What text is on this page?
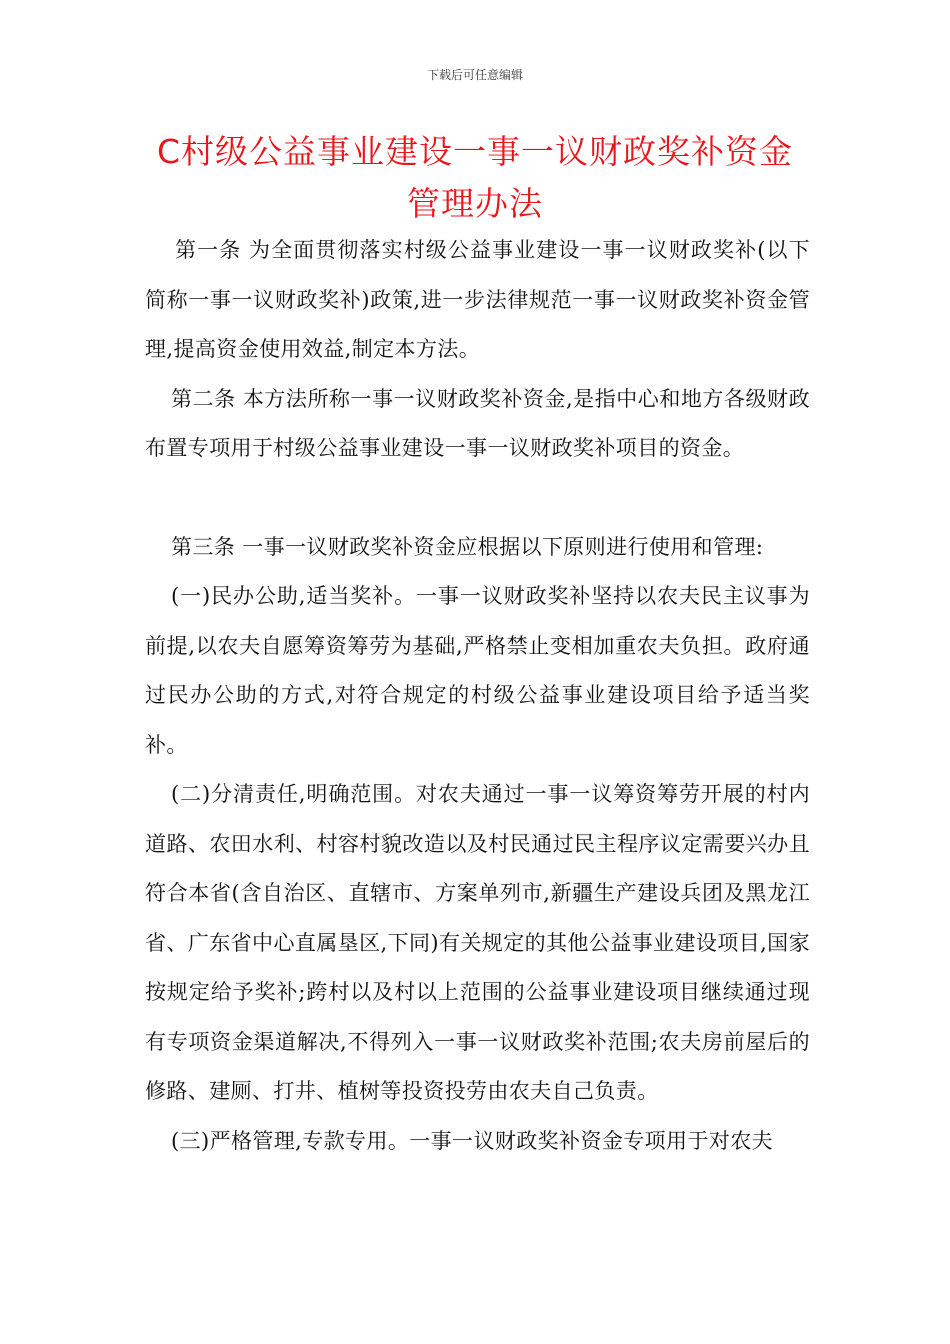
下载后可任意编辑
C村级公益事业建设一事一议财政奖补资金
管理办法

第一条 为全面贯彻落实村级公益事业建设一事一议财政奖补(以下简称一事一议财政奖补)政策,进一步法律规范一事一议财政奖补资金管理,提高资金使用效益,制定本方法。

第二条 本方法所称一事一议财政奖补资金,是指中心和地方各级财政布置专项用于村级公益事业建设一事一议财政奖补项目的资金。

第三条 一事一议财政奖补资金应根据以下原则进行使用和管理:

(一)民办公助,适当奖补。一事一议财政奖补坚持以农夫民主议事为前提,以农夫自愿筹资筹劳为基础,严格禁止变相加重农夫负担。政府通过民办公助的方式,对符合规定的村级公益事业建设项目给予适当奖补。

(二)分清责任,明确范围。对农夫通过一事一议筹资筹劳开展的村内道路、农田水利、村容村貌改造以及村民通过民主程序议定需要兴办且符合本省(含自治区、直辖市、方案单列市,新疆生产建设兵团及黑龙江省、广东省中心直属垦区,下同)有关规定的其他公益事业建设项目,国家按规定给予奖补;跨村以及村以上范围的公益事业建设项目继续通过现有专项资金渠道解决,不得列入一事一议财政奖补范围;农夫房前屋后的修路、建厕、打井、植树等投资投劳由农夫自己负责。

(三)严格管理,专款专用。一事一议财政奖补资金专项用于对农夫
